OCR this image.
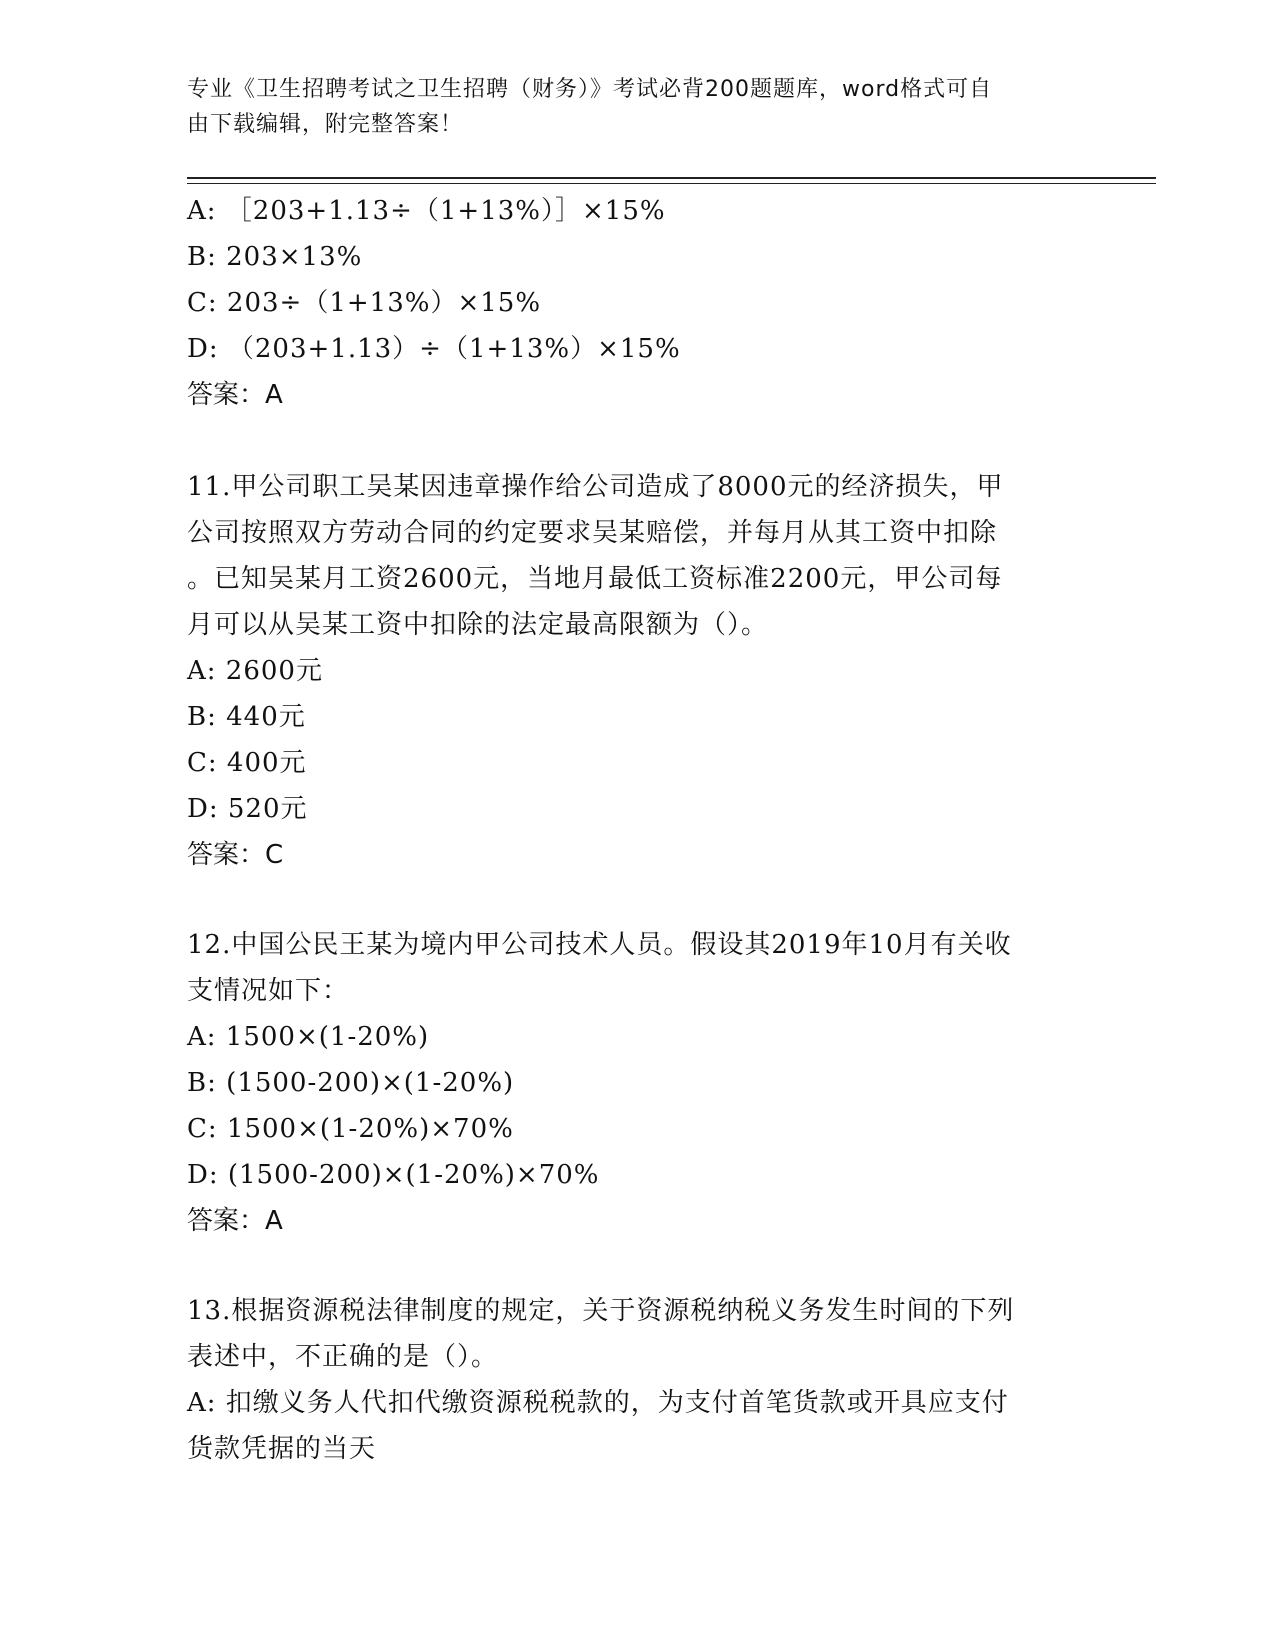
专业《卫生招聘考试之卫生招聘（财务）》考试必背200题题库，word格式可自
由下载编辑，附完整答案！
A: ［203+1.13÷（1+13%）］×15%
B: 203×13%
C: 203÷（1+13%）×15%
D: （203+1.13）÷（1+13%）×15%
答案：A
11.甲公司职工吴某因违章操作给公司造成了8000元的经济损失，甲
公司按照双方劳动合同的约定要求吴某赔偿，并每月从其工资中扣除
。已知吴某月工资2600元，当地月最低工资标准2200元，甲公司每
月可以从吴某工资中扣除的法定最高限额为（）。
A: 2600元
B: 440元
C: 400元
D: 520元
答案：C
12.中国公民王某为境内甲公司技术人员。假设其2019年10月有关收
支情况如下：
A: 1500×(1-20%)
B: (1500-200)×(1-20%)
C: 1500×(1-20%)×70%
D: (1500-200)×(1-20%)×70%
答案：A
13.根据资源税法律制度的规定，关于资源税纳税义务发生时间的下列
表述中，不正确的是（）。
A: 扣缴义务人代扣代缴资源税税款的，为支付首笔货款或开具应支付
货款凭据的当天
